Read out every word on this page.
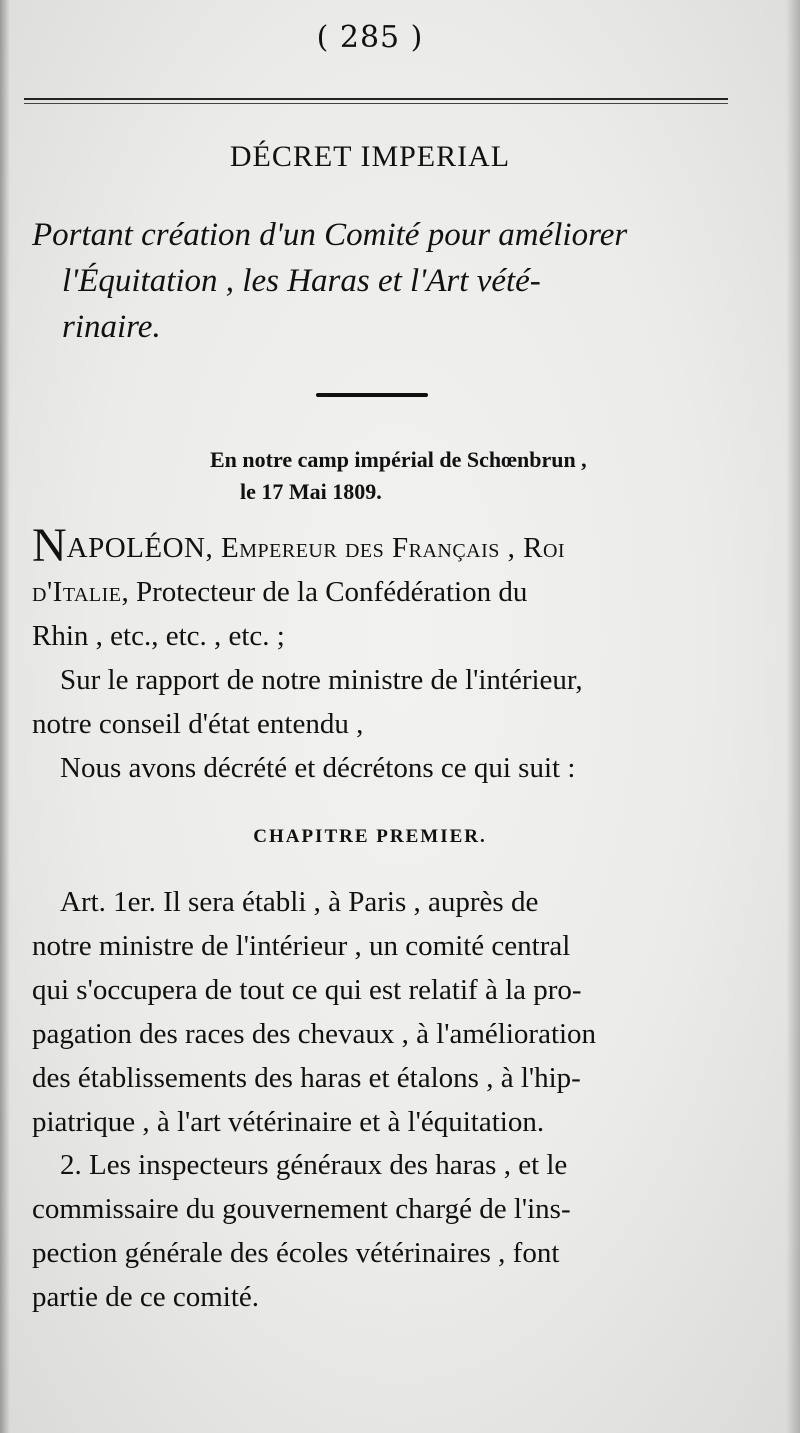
( 285 )
DÉCRET IMPERIAL
Portant création d'un Comité pour améliorer
l'Équitation , les Haras et l'Art vété-
rinaire.
En notre camp impérial de Schœnbrun ,
le 17 Mai 1809.
NAPOLÉON, Empereur des Français , Roi
d'Italie, Protecteur de la Confédération du
Rhin , etc., etc. , etc. ;
Sur le rapport de notre ministre de l'intérieur,
notre conseil d'état entendu ,
Nous avons décrété et décrétons ce qui suit :
CHAPITRE PREMIER.
Art. 1er. Il sera établi , à Paris , auprès de
notre ministre de l'intérieur , un comité central
qui s'occupera de tout ce qui est relatif à la pro-
pagation des races des chevaux , à l'amélioration
des établissements des haras et étalons , à l'hip-
piatrique , à l'art vétérinaire et à l'équitation.
2. Les inspecteurs généraux des haras , et le
commissaire du gouvernement chargé de l'ins-
pection générale des écoles vétérinaires , font
partie de ce comité.
